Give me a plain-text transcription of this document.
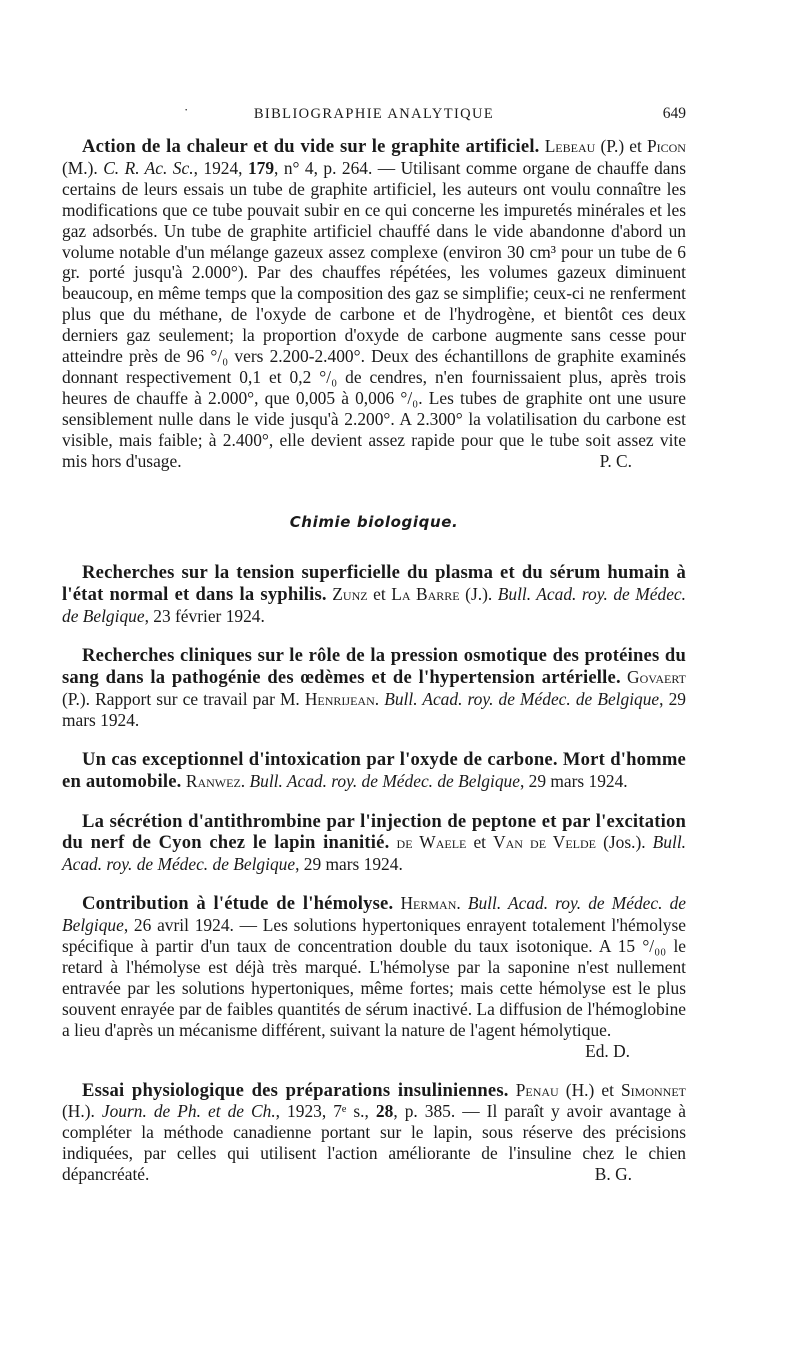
·	BIBLIOGRAPHIE ANALYTIQUE	649

Action de la chaleur et du vide sur le graphite artificiel. Lebeau (P.) et Picon (M.). C. R. Ac. Sc., 1924, 179, n° 4, p. 264. — Utilisant comme organe de chauffe dans certains de leurs essais un tube de graphite artificiel, les auteurs ont voulu connaître les modifications que ce tube pouvait subir en ce qui concerne les impuretés minérales et les gaz adsorbés. Un tube de graphite artificiel chauffé dans le vide abandonne d'abord un volume notable d'un mélange gazeux assez complexe (environ 30 cm³ pour un tube de 6 gr. porté jusqu'à 2.000°). Par des chauffes répétées, les volumes gazeux diminuent beaucoup, en même temps que la composition des gaz se simplifie; ceux-ci ne renferment plus que du méthane, de l'oxyde de carbone et de l'hydrogène, et bientôt ces deux derniers gaz seulement; la proportion d'oxyde de carbone augmente sans cesse pour atteindre près de 96 °/₀ vers 2.200-2.400°. Deux des échantillons de graphite examinés donnant respectivement 0,1 et 0,2 °/₀ de cendres, n'en fournissaient plus, après trois heures de chauffe à 2.000°, que 0,005 à 0,006 °/₀. Les tubes de graphite ont une usure sensiblement nulle dans le vide jusqu'à 2.200°. A 2.300° la volatilisation du carbone est visible, mais faible; à 2.400°, elle devient assez rapide pour que le tube soit assez vite mis hors d'usage.	P. C.

Chimie biologique.

Recherches sur la tension superficielle du plasma et du sérum humain à l'état normal et dans la syphilis. Zunz et La Barre (J.). Bull. Acad. roy. de Médec. de Belgique, 23 février 1924.

Recherches cliniques sur le rôle de la pression osmotique des protéines du sang dans la pathogénie des œdèmes et de l'hypertension artérielle. Govaert (P.). Rapport sur ce travail par M. Henrijean. Bull. Acad. roy. de Médec. de Belgique, 29 mars 1924.

Un cas exceptionnel d'intoxication par l'oxyde de carbone. Mort d'homme en automobile. Ranwez. Bull. Acad. roy. de Médec. de Belgique, 29 mars 1924.

La sécrétion d'antithrombine par l'injection de peptone et par l'excitation du nerf de Cyon chez le lapin inanitié. de Waele et Van de Velde (Jos.). Bull. Acad. roy. de Médec. de Belgique, 29 mars 1924.

Contribution à l'étude de l'hémolyse. Herman. Bull. Acad. roy. de Médec. de Belgique, 26 avril 1924. — Les solutions hypertoniques enrayent totalement l'hémolyse spécifique à partir d'un taux de concentration double du taux isotonique. A 15 °/₀₀ le retard à l'hémolyse est déjà très marqué. L'hémolyse par la saponine n'est nullement entravée par les solutions hypertoniques, même fortes; mais cette hémolyse est le plus souvent enrayée par de faibles quantités de sérum inactivé. La diffusion de l'hémoglobine a lieu d'après un mécanisme différent, suivant la nature de l'agent hémolytique.

Ed. D.

Essai physiologique des préparations insuliniennes. Penau (H.) et Simonnet (H.). Journ. de Ph. et de Ch., 1923, 7ᵉ s., 28, p. 385. — Il paraît y avoir avantage à compléter la méthode canadienne portant sur le lapin, sous réserve des précisions indiquées, par celles qui utilisent l'action améliorante de l'insuline chez le chien dépancréaté.	B. G.
